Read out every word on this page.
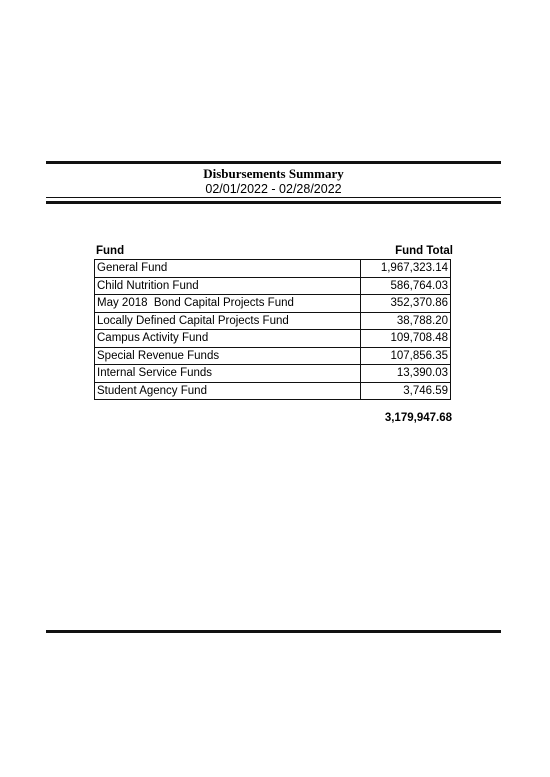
Disbursements Summary
02/01/2022 - 02/28/2022
Fund	Fund Total
General Fund	1,967,323.14
Child Nutrition Fund	586,764.03
May 2018  Bond Capital Projects Fund	352,370.86
Locally Defined Capital Projects Fund	38,788.20
Campus Activity Fund	109,708.48
Special Revenue Funds	107,856.35
Internal Service Funds	13,390.03
Student Agency Fund	3,746.59
3,179,947.68
